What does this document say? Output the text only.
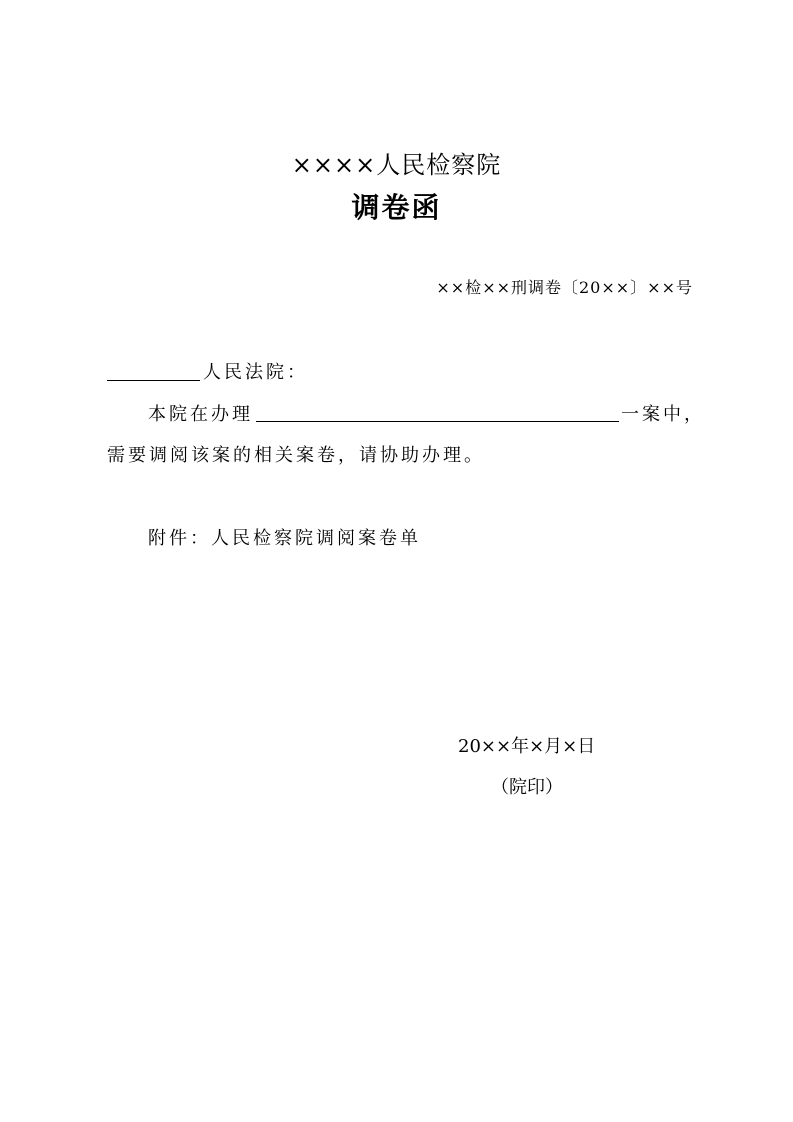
××××人民检察院
调卷函
××检××刑调卷〔20××〕××号
人民法院：
本院在办理	一案中，
需要调阅该案的相关案卷，请协助办理。
附件：人民检察院调阅案卷单
20××年×月×日
（院印）
